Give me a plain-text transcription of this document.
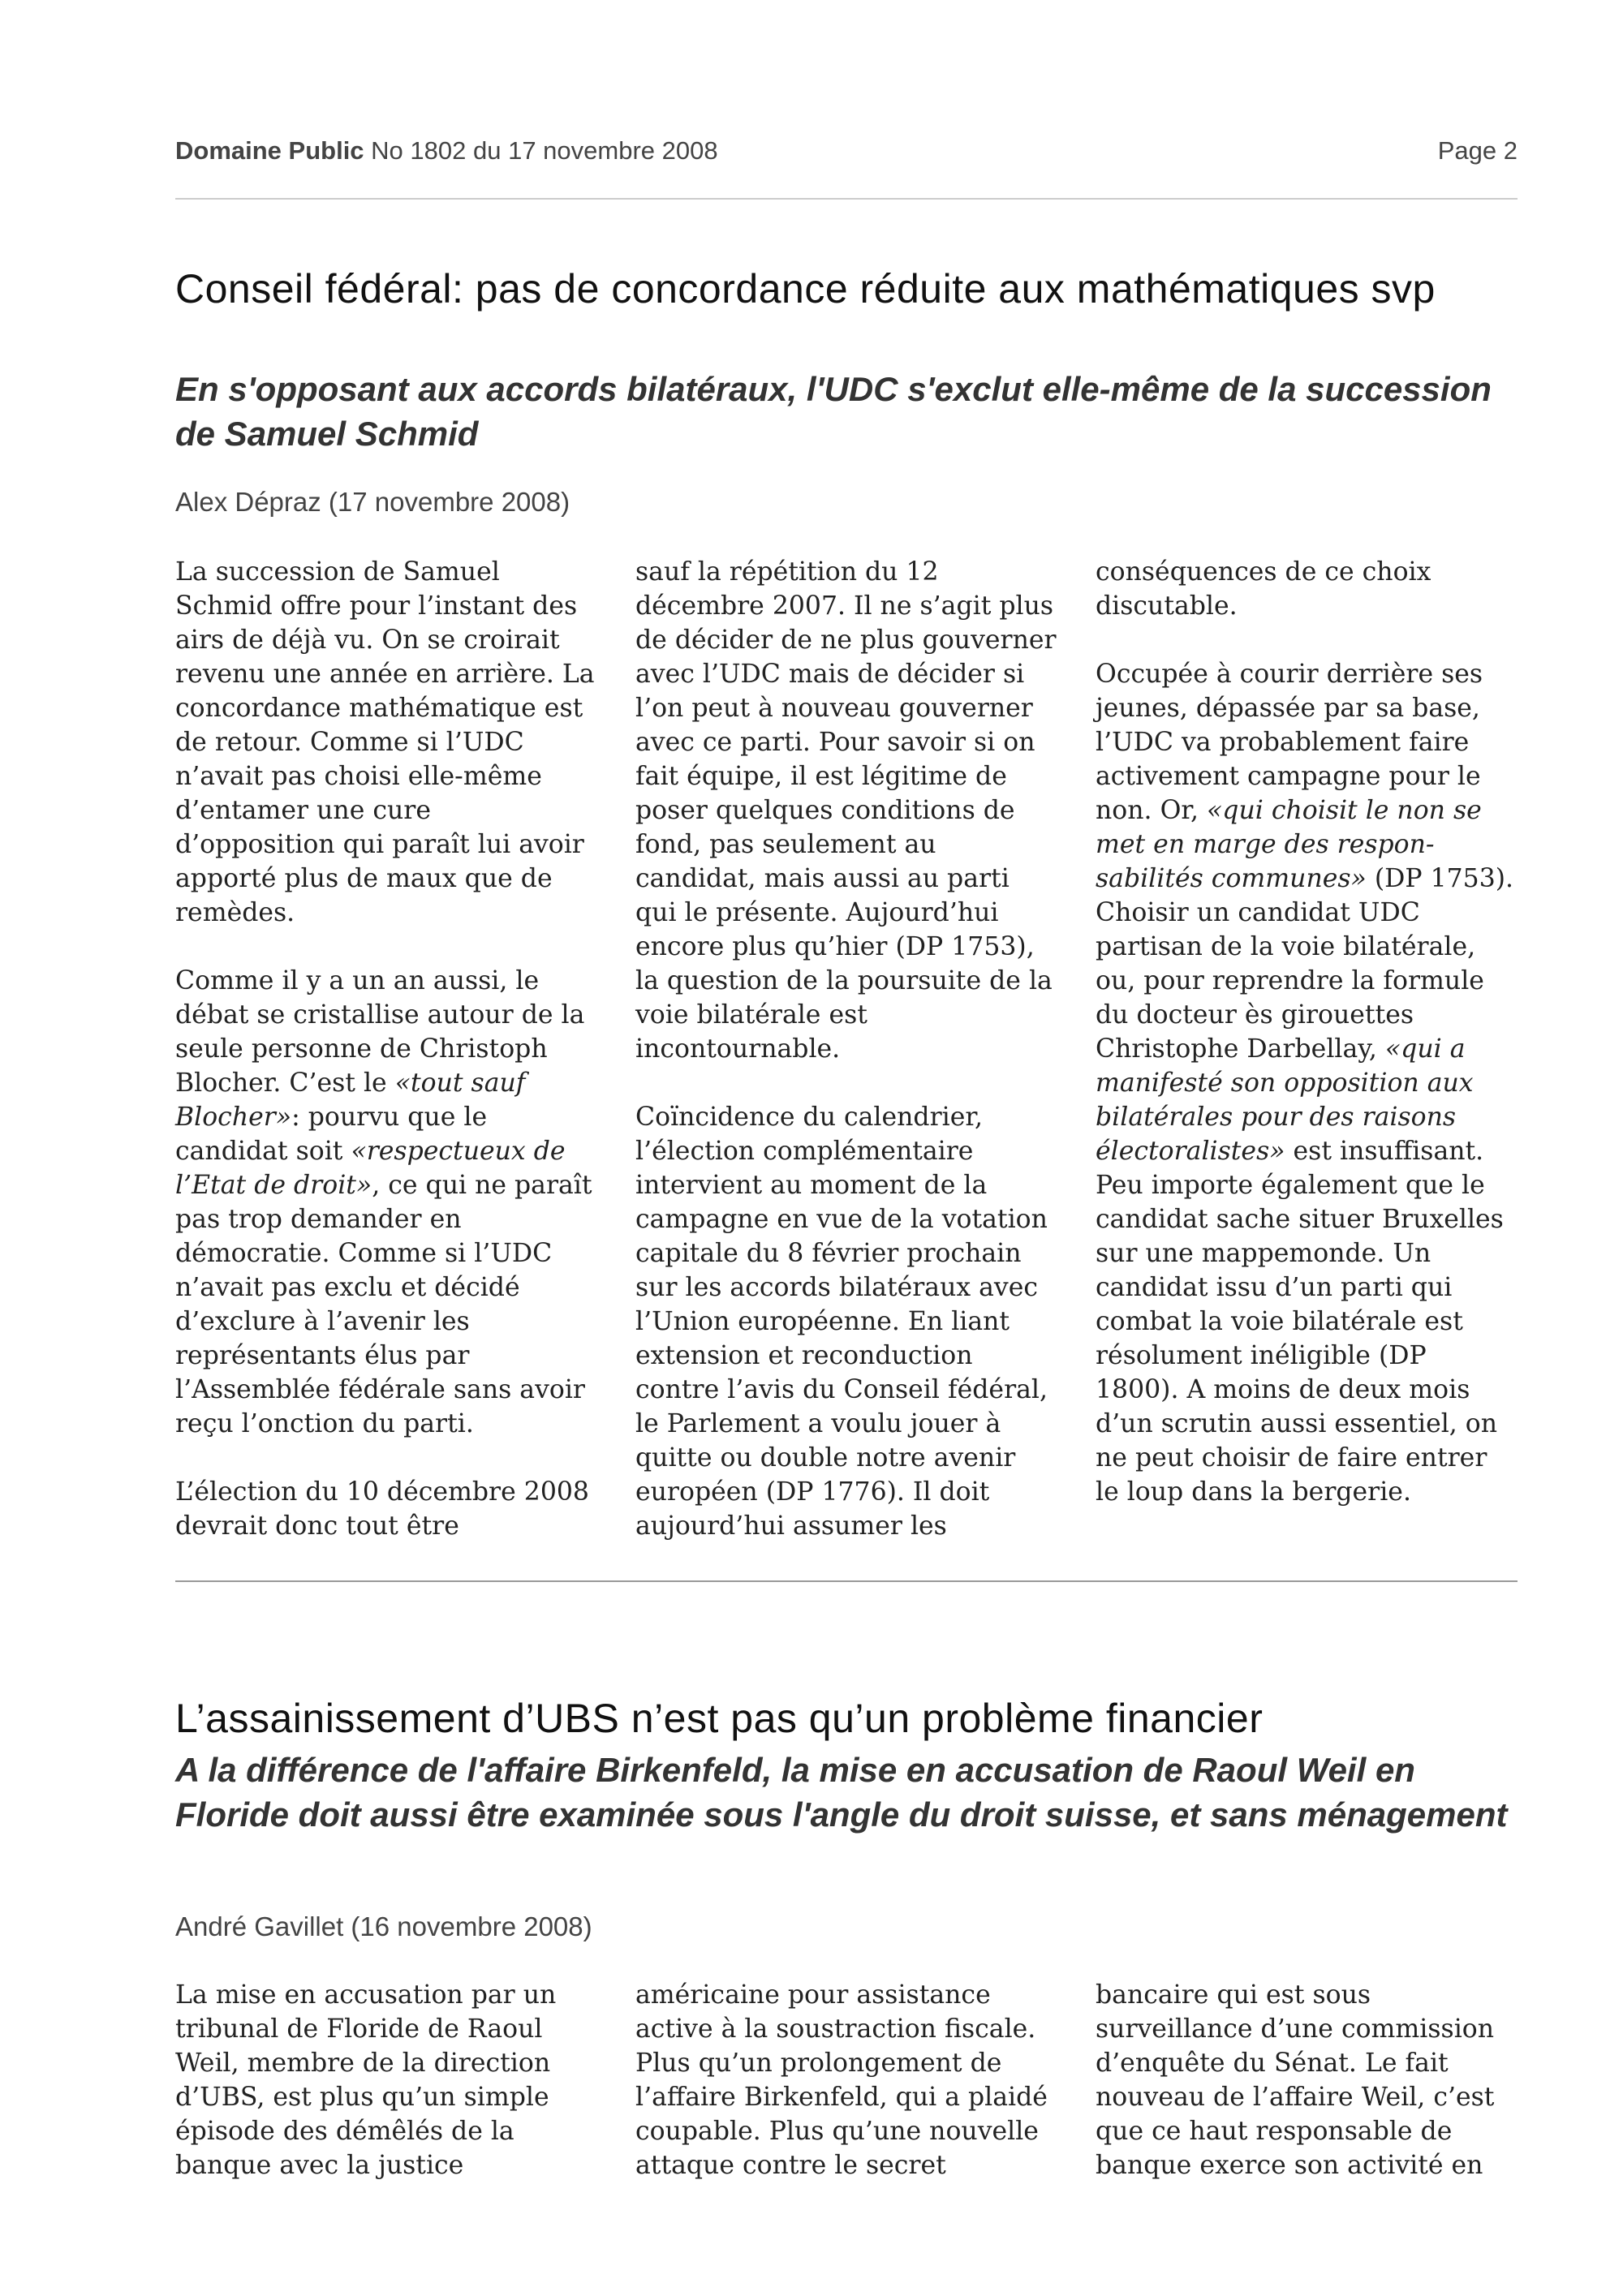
Domaine Public No 1802 du 17 novembre 2008	Page 2
Conseil fédéral: pas de concordance réduite aux mathématiques svp
En s'opposant aux accords bilatéraux, l'UDC s'exclut elle-même de la succession de Samuel Schmid
Alex Dépraz (17 novembre 2008)

La succession de Samuel Schmid offre pour l’instant des airs de déjà vu. On se croirait revenu une année en arrière. La concordance mathématique est de retour. Comme si l’UDC n’avait pas choisi elle-même d’entamer une cure d’opposition qui paraît lui avoir apporté plus de maux que de remèdes.

Comme il y a un an aussi, le débat se cristallise autour de la seule personne de Christoph Blocher. C’est le «tout sauf Blocher»: pourvu que le candidat soit «respectueux de l’Etat de droit», ce qui ne paraît pas trop demander en démocratie. Comme si l’UDC n’avait pas exclu et décidé d’exclure à l’avenir les représentants élus par l’Assemblée fédérale sans avoir reçu l’onction du parti.

L’élection du 10 décembre 2008 devrait donc tout être

sauf la répétition du 12 décembre 2007. Il ne s’agit plus de décider de ne plus gouverner avec l’UDC mais de décider si l’on peut à nouveau gouverner avec ce parti. Pour savoir si on fait équipe, il est légitime de poser quelques conditions de fond, pas seulement au candidat, mais aussi au parti qui le présente. Aujourd’hui encore plus qu’hier (DP 1753), la question de la poursuite de la voie bilatérale est incontournable.

Coïncidence du calendrier, l’élection complémentaire intervient au moment de la campagne en vue de la votation capitale du 8 février prochain sur les accords bilatéraux avec l’Union européenne. En liant extension et reconduction contre l’avis du Conseil fédéral, le Parlement a voulu jouer à quitte ou double notre avenir européen (DP 1776). Il doit aujourd’hui assumer les

conséquences de ce choix discutable.

Occupée à courir derrière ses jeunes, dépassée par sa base, l’UDC va probablement faire activement campagne pour le non. Or, «qui choisit le non se met en marge des respon-sabilités communes» (DP 1753). Choisir un candidat UDC partisan de la voie bilatérale, ou, pour reprendre la formule du docteur ès girouettes Christophe Darbellay, «qui a manifesté son opposition aux bilatérales pour des raisons électoralistes» est insuffisant. Peu importe également que le candidat sache situer Bruxelles sur une mappemonde. Un candidat issu d’un parti qui combat la voie bilatérale est résolument inéligible (DP 1800). A moins de deux mois d’un scrutin aussi essentiel, on ne peut choisir de faire entrer le loup dans la bergerie.

L’assainissement d’UBS n’est pas qu’un problème financier
A la différence de l'affaire Birkenfeld, la mise en accusation de Raoul Weil en Floride doit aussi être examinée sous l'angle du droit suisse, et sans ménagement
André Gavillet (16 novembre 2008)

La mise en accusation par un tribunal de Floride de Raoul Weil, membre de la direction d’UBS, est plus qu’un simple épisode des démêlés de la banque avec la justice

américaine pour assistance active à la soustraction fiscale. Plus qu’un prolongement de l’affaire Birkenfeld, qui a plaidé coupable. Plus qu’une nouvelle attaque contre le secret

bancaire qui est sous surveillance d’une commission d’enquête du Sénat. Le fait nouveau de l’affaire Weil, c’est que ce haut responsable de banque exerce son activité en
